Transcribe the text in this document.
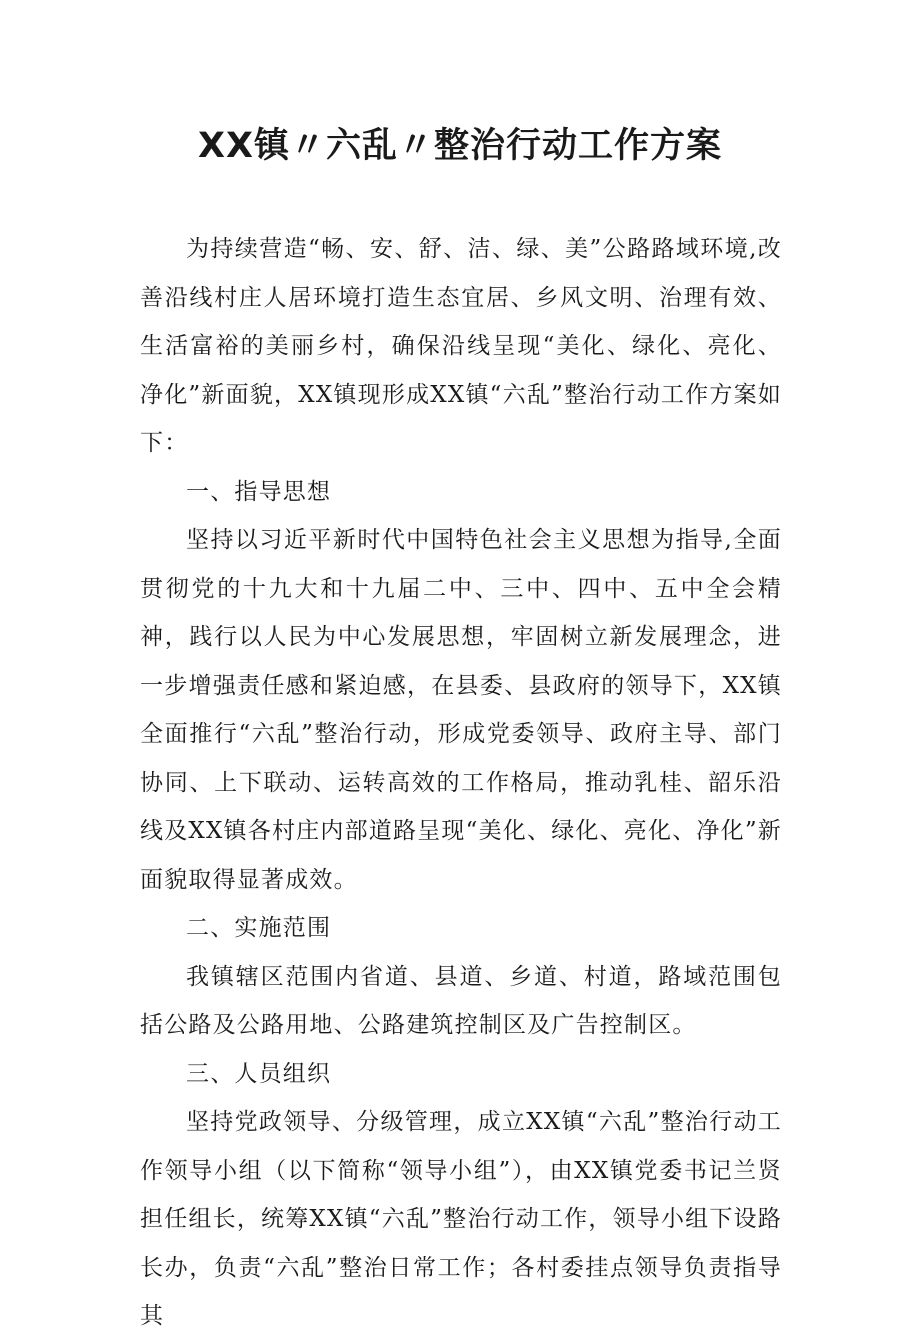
XX镇〃六乱〃整治行动工作方案

为持续营造“畅、安、舒、洁、绿、美”公路路域环境,改善沿线村庄人居环境打造生态宜居、乡风文明、治理有效、生活富裕的美丽乡村，确保沿线呈现“美化、绿化、亮化、净化”新面貌，XX镇现形成XX镇“六乱”整治行动工作方案如下：

一、指导思想

坚持以习近平新时代中国特色社会主义思想为指导,全面贯彻党的十九大和十九届二中、三中、四中、五中全会精神，践行以人民为中心发展思想，牢固树立新发展理念，进一步增强责任感和紧迫感，在县委、县政府的领导下，XX镇全面推行“六乱”整治行动，形成党委领导、政府主导、部门协同、上下联动、运转高效的工作格局，推动乳桂、韶乐沿线及XX镇各村庄内部道路呈现“美化、绿化、亮化、净化”新面貌取得显著成效。

二、实施范围

我镇辖区范围内省道、县道、乡道、村道，路域范围包括公路及公路用地、公路建筑控制区及广告控制区。

三、人员组织

坚持党政领导、分级管理，成立XX镇“六乱”整治行动工作领导小组（以下简称“领导小组”），由XX镇党委书记兰贤担任组长，统筹XX镇“六乱”整治行动工作，领导小组下设路长办，负责“六乱”整治日常工作；各村委挂点领导负责指导其
